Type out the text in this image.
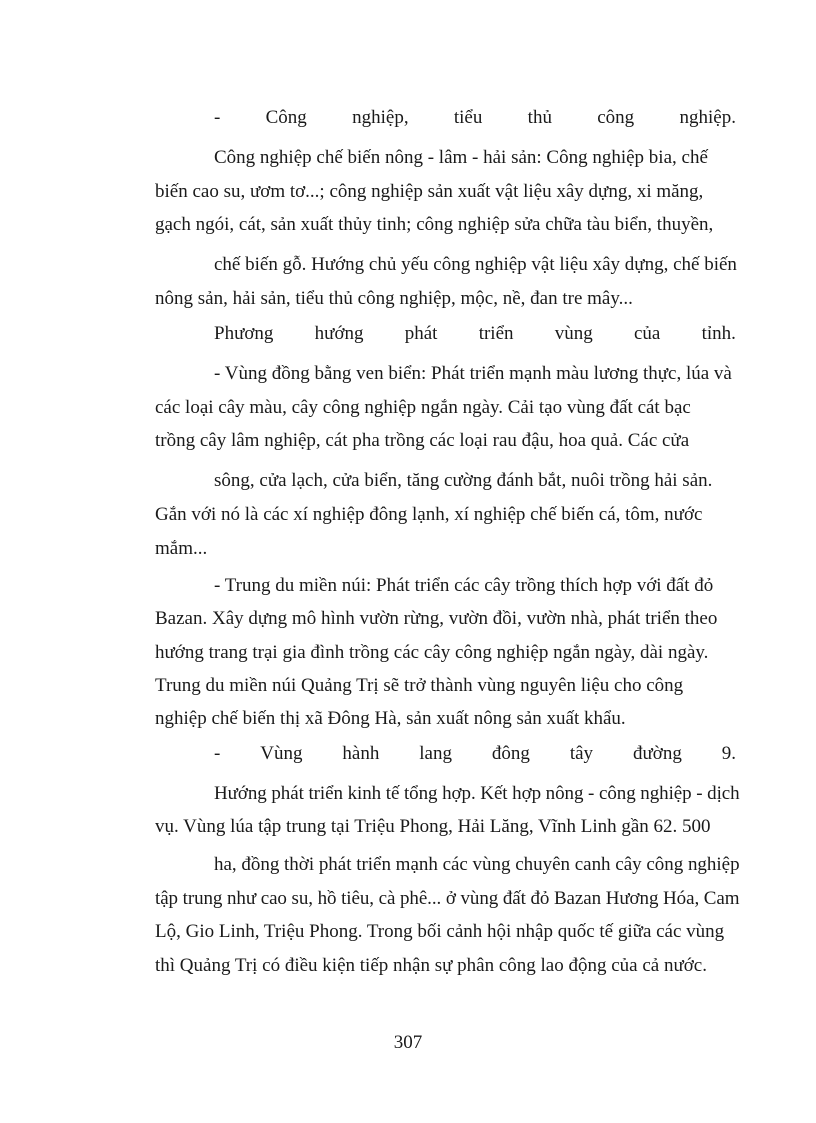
- Công nghiệp, tiểu thủ công nghiệp.
Công nghiệp chế biến nông - lâm - hải sản: Công nghiệp bia, chế
biến cao su, ươm tơ...; công nghiệp sản xuất vật liệu xây dựng, xi măng,
gạch ngói, cát, sản xuất thủy tinh; công nghiệp sửa chữa tàu biển, thuyền,
chế biến gỗ. Hướng chủ yếu công nghiệp vật liệu xây dựng, chế biến
nông sản, hải sản, tiểu thủ công nghiệp, mộc, nề, đan tre mây...
Phương hướng phát triển vùng của tỉnh.
- Vùng đồng bằng ven biển: Phát triển mạnh màu lương thực, lúa và
các loại cây màu, cây công nghiệp ngắn ngày. Cải tạo vùng đất cát bạc
trồng cây lâm nghiệp, cát pha trồng các loại rau đậu, hoa quả. Các cửa
sông, cửa lạch, cửa biển, tăng cường đánh bắt, nuôi trồng hải sản.
Gắn với nó là các xí nghiệp đông lạnh, xí nghiệp chế biến cá, tôm, nước
mắm...
- Trung du miền núi: Phát triển các cây trồng thích hợp với đất đỏ
Bazan. Xây dựng mô hình vườn rừng, vườn đồi, vườn nhà, phát triển theo
hướng trang trại gia đình trồng các cây công nghiệp ngắn ngày, dài ngày.
Trung du miền núi Quảng Trị sẽ trở thành vùng nguyên liệu cho công
nghiệp chế biến thị xã Đông Hà, sản xuất nông sản xuất khẩu.
- Vùng hành lang đông tây đường 9.
Hướng phát triển kinh tế tổng hợp. Kết hợp nông - công nghiệp - dịch
vụ. Vùng lúa tập trung tại Triệu Phong, Hải Lăng, Vĩnh Linh gần 62. 500
ha, đồng thời phát triển mạnh các vùng chuyên canh cây công nghiệp
tập trung như cao su, hồ tiêu, cà phê... ở vùng đất đỏ Bazan Hương Hóa, Cam
Lộ, Gio Linh, Triệu Phong. Trong bối cảnh hội nhập quốc tế giữa các vùng
thì Quảng Trị có điều kiện tiếp nhận sự phân công lao động của cả nước.
307
